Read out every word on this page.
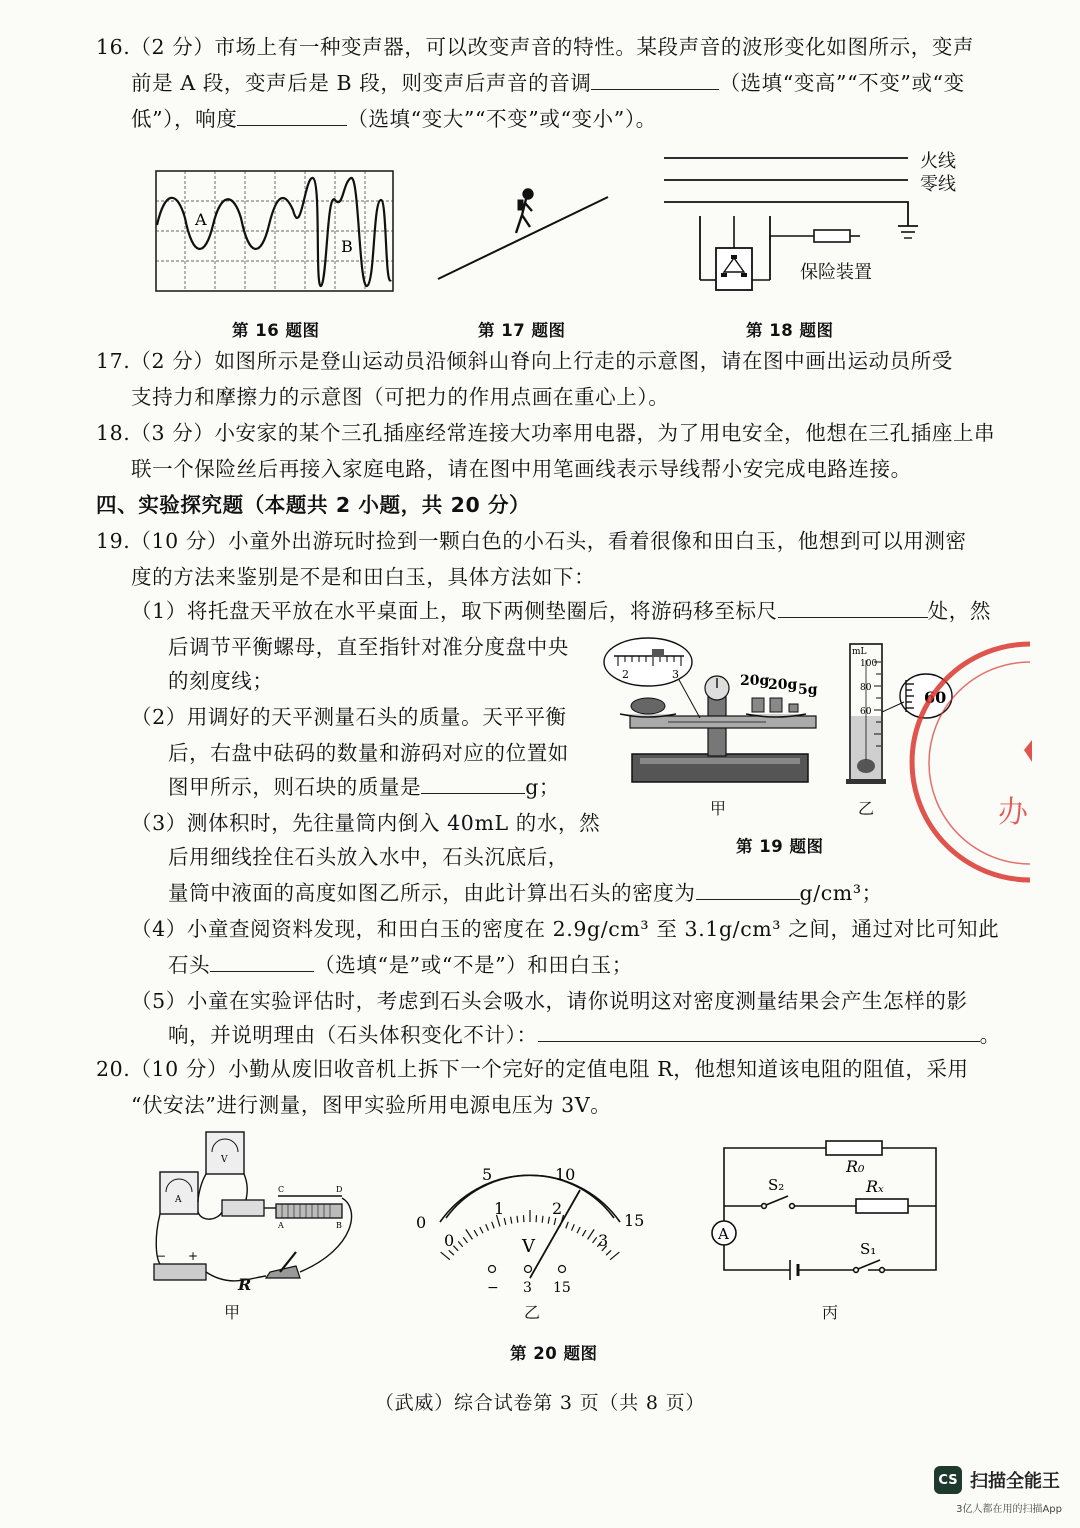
16.（2 分）市场上有一种变声器，可以改变声音的特性。某段声音的波形变化如图所示，变声
前是 A 段，变声后是 B 段，则变声后声音的音调	（选填“变高”“不变”或“变
低”），响度	（选填“变大”“不变”或“变小”）。
A
B
第 16 题图	第 17 题图
火线
零线
保险装置
第 18 题图
17.（2 分）如图所示是登山运动员沿倾斜山脊向上行走的示意图，请在图中画出运动员所受
支持力和摩擦力的示意图（可把力的作用点画在重心上）。
18.（3 分）小安家的某个三孔插座经常连接大功率用电器，为了用电安全，他想在三孔插座上串
联一个保险丝后再接入家庭电路，请在图中用笔画线表示导线帮小安完成电路连接。
四、实验探究题（本题共 2 小题，共 20 分）
19.（10 分）小童外出游玩时捡到一颗白色的小石头，看着很像和田白玉，他想到可以用测密
度的方法来鉴别是不是和田白玉，具体方法如下：
（1）将托盘天平放在水平桌面上，取下两侧垫圈后，将游码移至标尺	处，然
后调节平衡螺母，直至指针对准分度盘中央
的刻度线；
（2）用调好的天平测量石头的质量。天平平衡
后，右盘中砝码的数量和游码对应的位置如
图甲所示，则石块的质量是	g；
（3）测体积时，先往量筒内倒入 40mL 的水，然
后用细线拴住石头放入水中，石头沉底后，
量筒中液面的高度如图乙所示，由此计算出石头的密度为	g/cm³；
（4）小童查阅资料发现，和田白玉的密度在 2.9g/cm³ 至 3.1g/cm³ 之间，通过对比可知此
石头	（选填“是”或“不是”）和田白玉；
（5）小童在实验评估时，考虑到石头会吸水，请你说明这对密度测量结果会产生怎样的影
响，并说明理由（石头体积变化不计）：	。
2	3	20g
20g 5g
甲
mL
100
80
60
60
乙
第 19 题图
办
20.（10 分）小勤从废旧收音机上拆下一个完好的定值电阻 R，他想知道该电阻的阻值，采用
“伏安法”进行测量，图甲实验所用电源电压为 3V。
V
A
C	D
A	B
− +
R
甲
0
5	10
15
0
1	2
3
V
− 3 15
乙
A
R₀
Rₓ
S₂
S₁
丙
第 20 题图
（武威）综合试卷第 3 页（共 8 页）
CS 扫描全能王
3亿人都在用的扫描App
